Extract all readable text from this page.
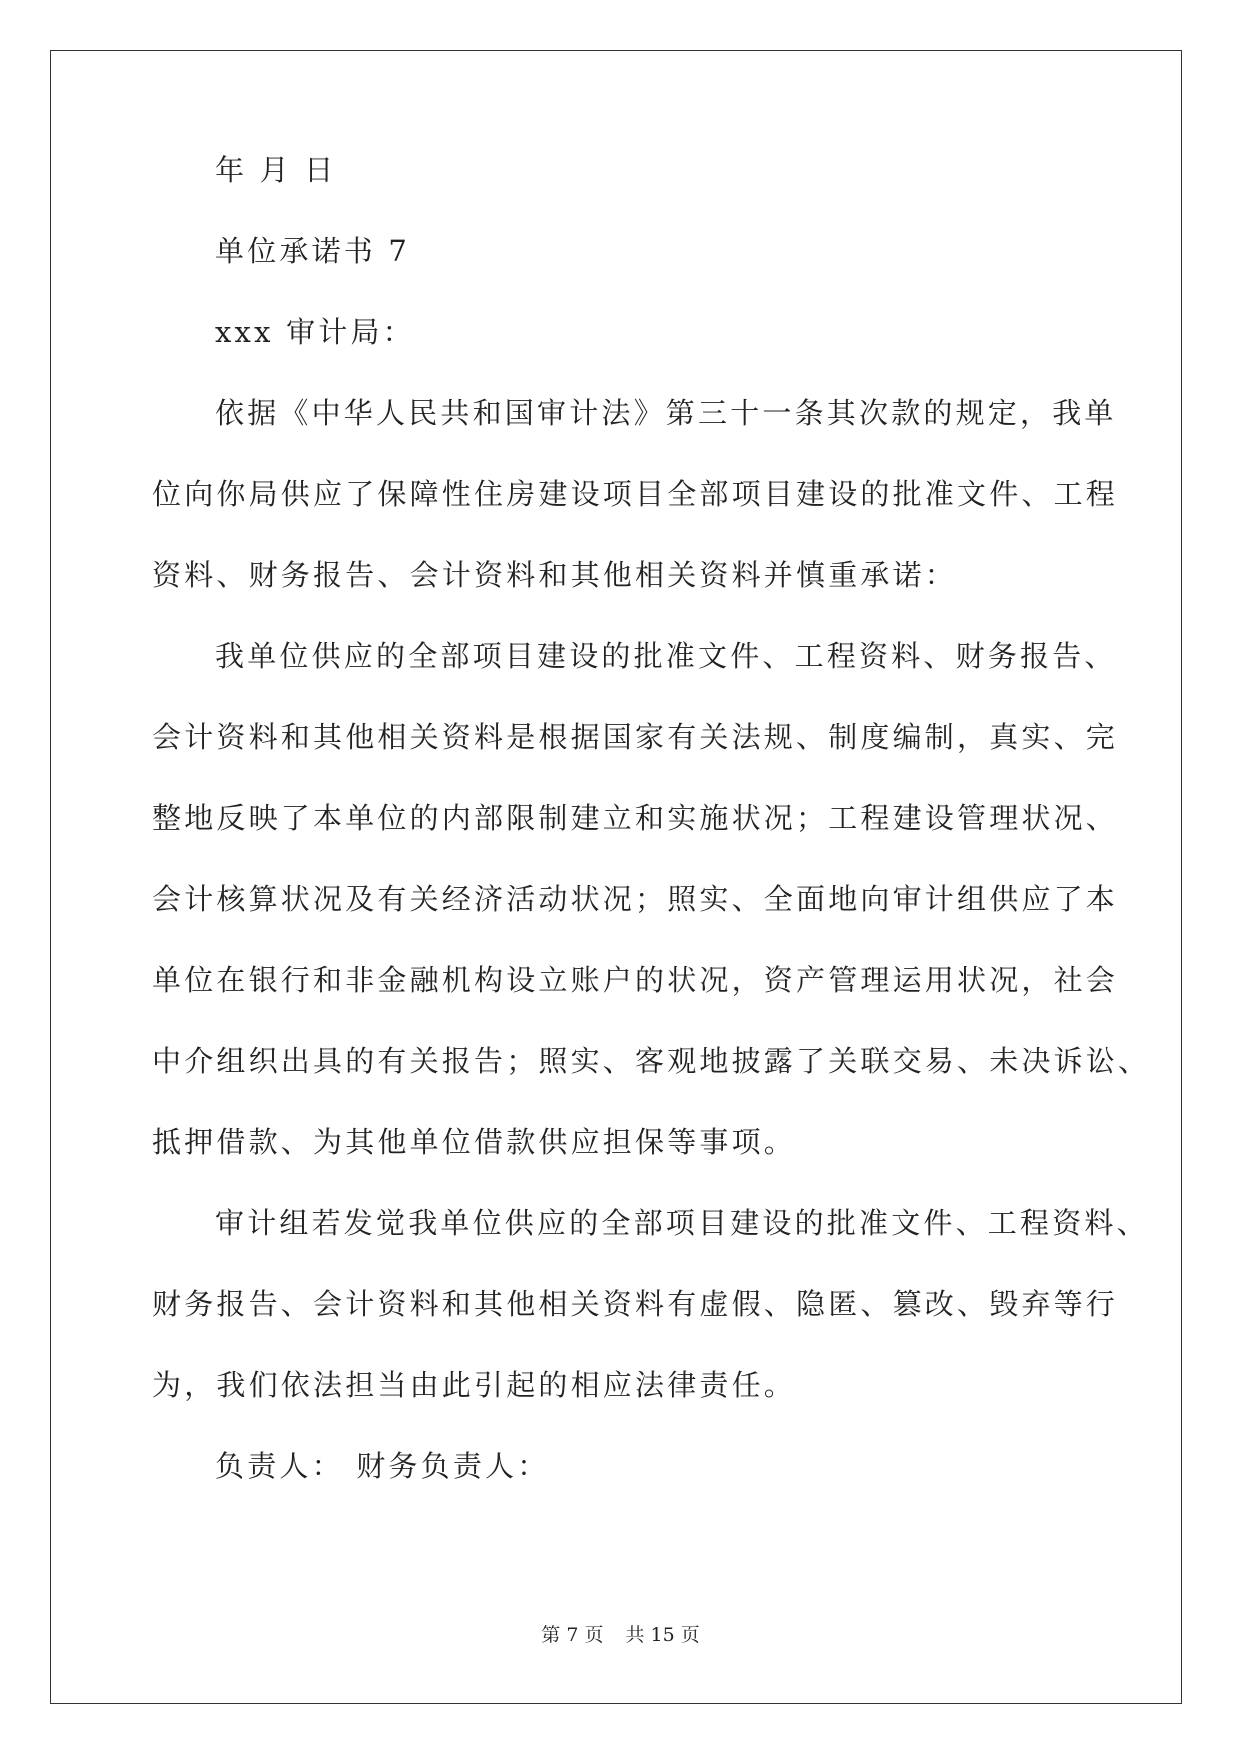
年 月 日
单位承诺书 7
xxx 审计局：
依据《中华人民共和国审计法》第三十一条其次款的规定，我单
位向你局供应了保障性住房建设项目全部项目建设的批准文件、工程
资料、财务报告、会计资料和其他相关资料并慎重承诺：
我单位供应的全部项目建设的批准文件、工程资料、财务报告、
会计资料和其他相关资料是根据国家有关法规、制度编制，真实、完
整地反映了本单位的内部限制建立和实施状况；工程建设管理状况、
会计核算状况及有关经济活动状况；照实、全面地向审计组供应了本
单位在银行和非金融机构设立账户的状况，资产管理运用状况，社会
中介组织出具的有关报告；照实、客观地披露了关联交易、未决诉讼、
抵押借款、为其他单位借款供应担保等事项。
审计组若发觉我单位供应的全部项目建设的批准文件、工程资料、
财务报告、会计资料和其他相关资料有虚假、隐匿、篡改、毁弃等行
为，我们依法担当由此引起的相应法律责任。
负责人： 财务负责人：
第 7 页 共 15 页
